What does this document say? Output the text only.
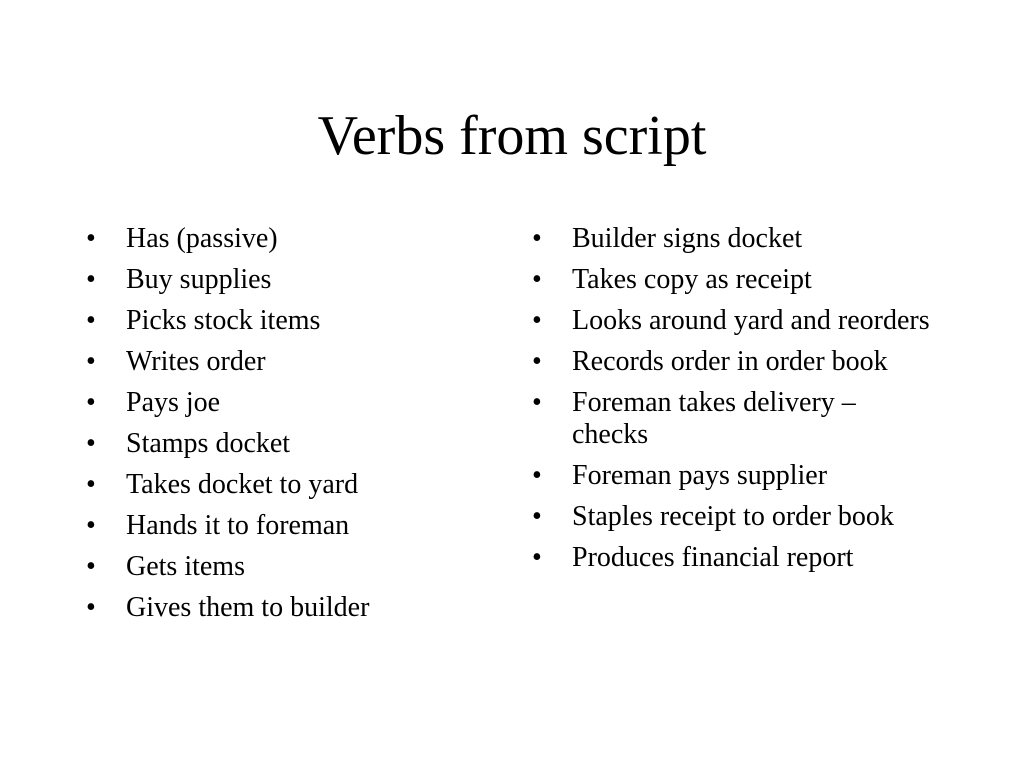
Verbs from script
•	Has (passive)
•	Buy supplies
•	Picks stock items
•	Writes order
•	Pays joe
•	Stamps docket
•	Takes docket to yard
•	Hands it to foreman
•	Gets items
•	Gives them to builder
•	Builder signs docket
•	Takes copy as receipt
•	Looks around yard and reorders
•	Records order in order book
•	Foreman takes delivery – checks
•	Foreman pays supplier
•	Staples receipt to order book
•	Produces financial report
